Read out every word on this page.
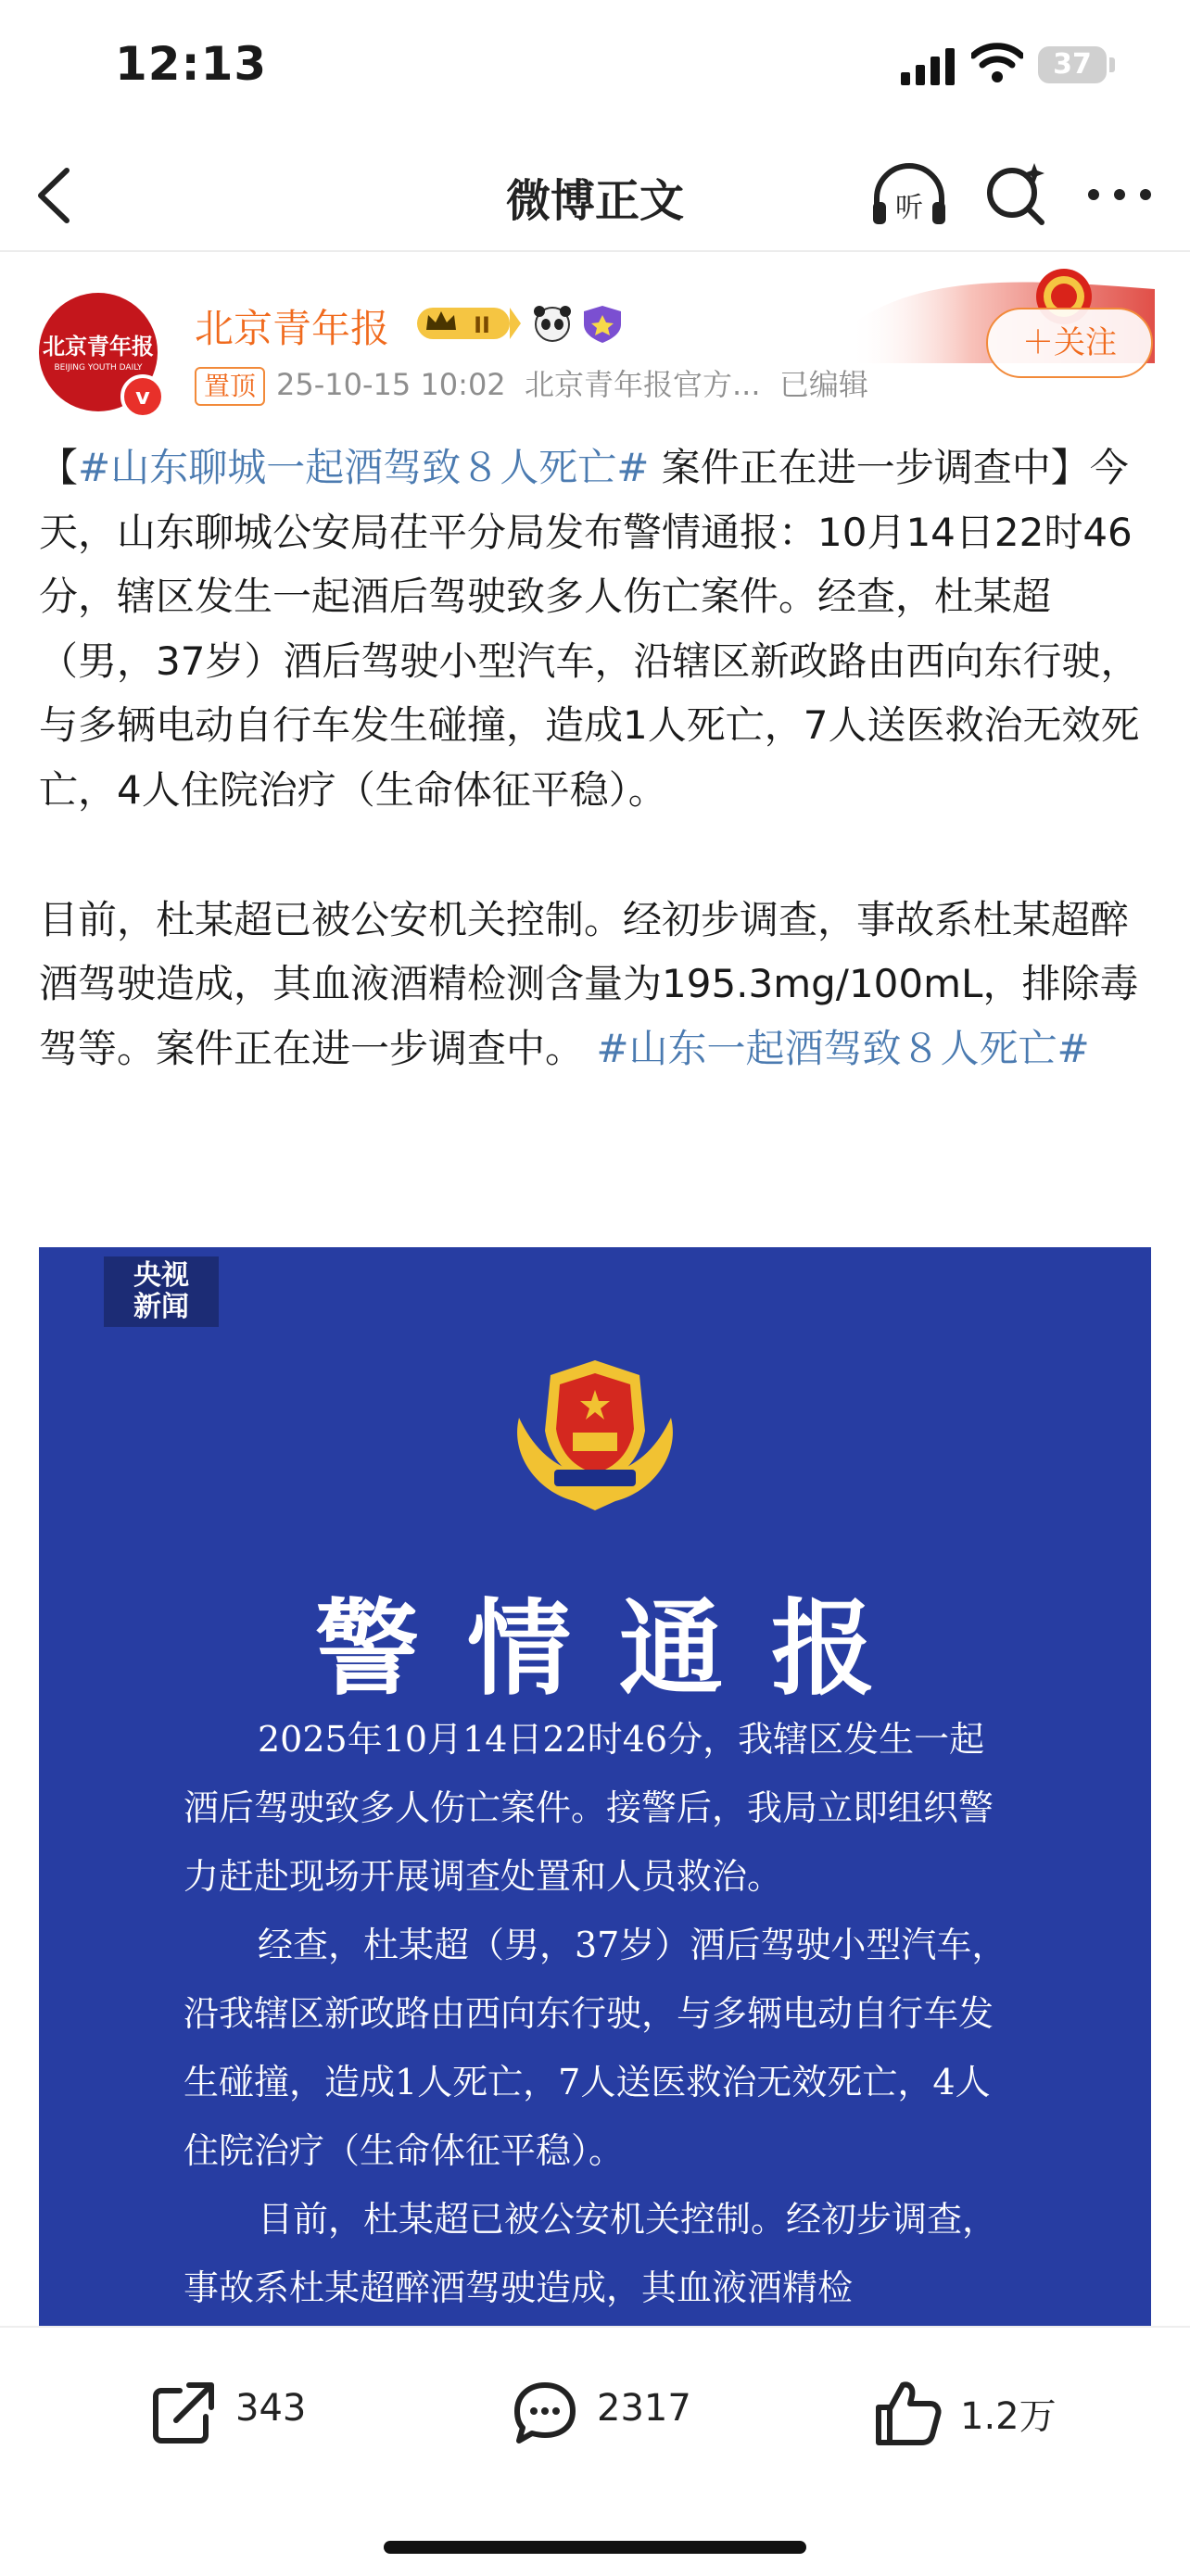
12:13	37
微博正文	听
北京青年报
BEIJING YOUTH DAILY
v
北京青年报	II
置顶 25-10-15 10:02 北京青年报官方... 已编辑
＋关注

【#山东聊城一起酒驾致８人死亡# 案件正在进一步调查中】今天，山东聊城公安局茌平分局发布警情通报：10月14日22时46分，辖区发生一起酒后驾驶致多人伤亡案件。经查，杜某超（男，37岁）酒后驾驶小型汽车，沿辖区新政路由西向东行驶，与多辆电动自行车发生碰撞，造成1人死亡，7人送医救治无效死亡，4人住院治疗（生命体征平稳）。

目前，杜某超已被公安机关控制。经初步调查，事故系杜某超醉酒驾驶造成，其血液酒精检测含量为195.3mg/100mL，排除毒驾等。案件正在进一步调查中。 #山东一起酒驾致８人死亡#

央视
新闻
警情通报

2025年10月14日22时46分，我辖区发生一起酒后驾驶致多人伤亡案件。接警后，我局立即组织警力赶赴现场开展调查处置和人员救治。

经查，杜某超（男，37岁）酒后驾驶小型汽车，沿我辖区新政路由西向东行驶，与多辆电动自行车发生碰撞，造成1人死亡，7人送医救治无效死亡，4人住院治疗（生命体征平稳）。

目前，杜某超已被公安机关控制。经初步调查，事故系杜某超醉酒驾驶造成，其血液酒精检

343	2317	1.2万
